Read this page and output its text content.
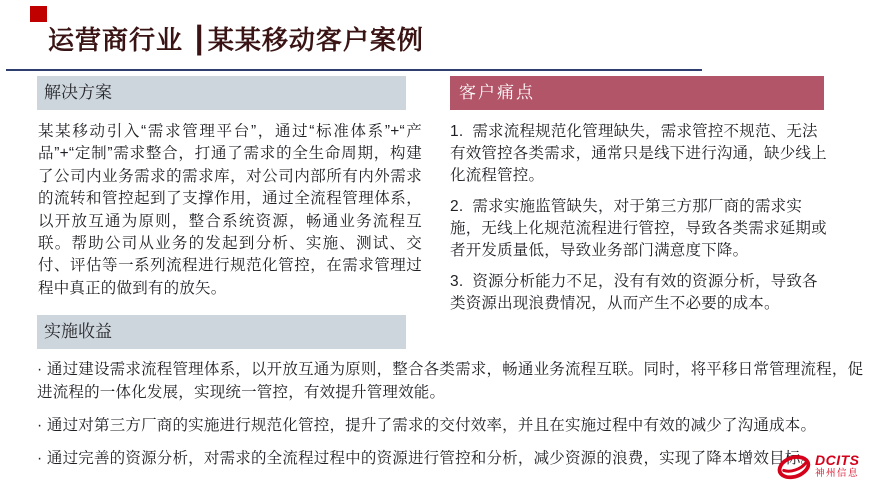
运营商行业 ┃某某移动客户案例
解决方案

某某移动引入“需求管理平台”，通过“标准体系”+“产品”+“定制”需求整合，打通了需求的全生命周期，构建了公司内业务需求的需求库，对公司内部所有内外需求的流转和管控起到了支撑作用，通过全流程管理体系，以开放互通为原则，整合系统资源，畅通业务流程互联。帮助公司从业务的发起到分析、实施、测试、交付、评估等一系列流程进行规范化管控，在需求管理过程中真正的做到有的放矢。

客户痛点

1.  需求流程规范化管理缺失，需求管控不规范、无法有效管控各类需求，通常只是线下进行沟通，缺少线上化流程管控。

2.  需求实施监管缺失，对于第三方那厂商的需求实施，无线上化规范流程进行管控，导致各类需求延期或者开发质量低，导致业务部门满意度下降。

3.  资源分析能力不足，没有有效的资源分析，导致各类资源出现浪费情况，从而产生不必要的成本。

实施收益

· 通过建设需求流程管理体系，以开放互通为原则，整合各类需求，畅通业务流程互联。同时，将平移日常管理流程，促进流程的一体化发展，实现统一管控，有效提升管理效能。

· 通过对第三方厂商的实施进行规范化管控，提升了需求的交付效率，并且在实施过程中有效的减少了沟通成本。

· 通过完善的资源分析，对需求的全流程过程中的资源进行管控和分析，减少资源的浪费，实现了降本增效目标。

DCITS
神州信息
